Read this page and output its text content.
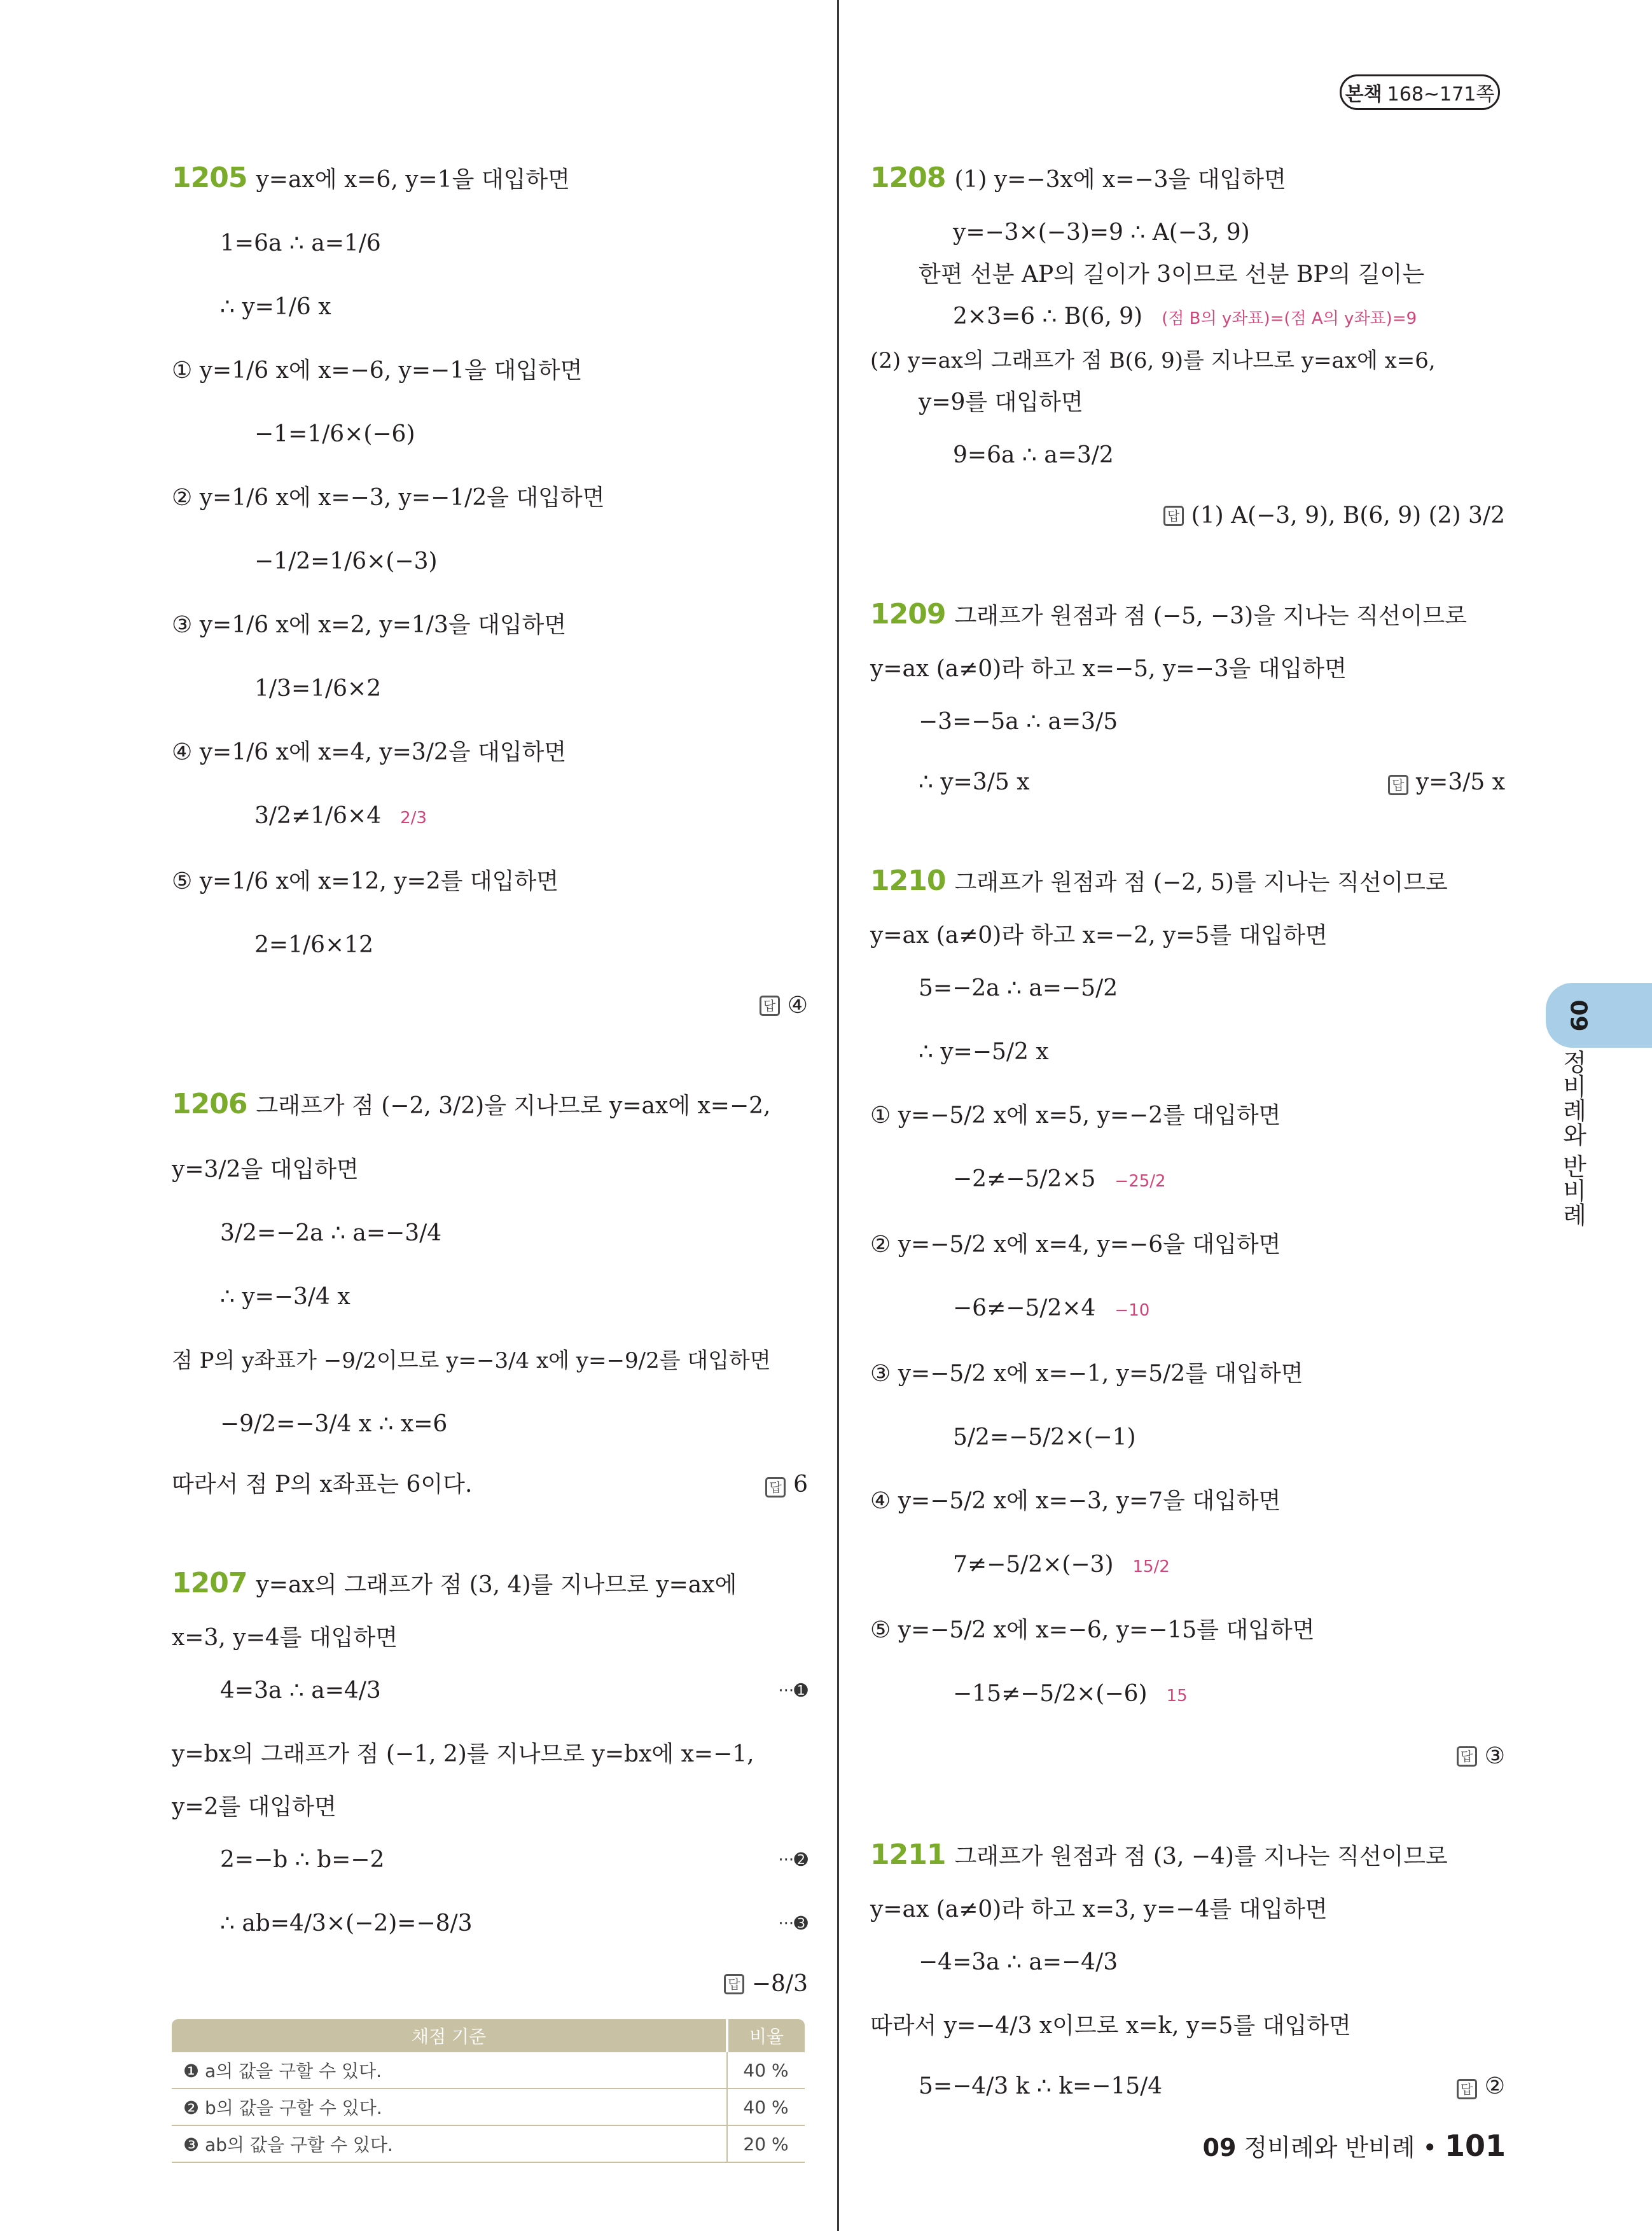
본책 168~171쪽
09
정비례와 반비례
1205 y=ax에 x=6, y=1을 대입하면
1=6a ∴ a=1/6
∴ y=1/6 x
① y=1/6 x에 x=−6, y=−1을 대입하면
−1=1/6×(−6)
② y=1/6 x에 x=−3, y=−1/2을 대입하면
−1/2=1/6×(−3)
③ y=1/6 x에 x=2, y=1/3을 대입하면
1/3=1/6×2
④ y=1/6 x에 x=4, y=3/2을 대입하면
3/2≠1/6×4 2/3
⑤ y=1/6 x에 x=12, y=2를 대입하면
2=1/6×12
답 ④
1206 그래프가 점 (−2, 3/2)을 지나므로 y=ax에 x=−2,
y=3/2을 대입하면
3/2=−2a ∴ a=−3/4
∴ y=−3/4 x
점 P의 y좌표가 −9/2이므로 y=−3/4 x에 y=−9/2를 대입하면
−9/2=−3/4 x ∴ x=6
따라서 점 P의 x좌표는 6이다.	답 6
1207 y=ax의 그래프가 점 (3, 4)를 지나므로 y=ax에
x=3, y=4를 대입하면
4=3a ∴ a=4/3	···➊
y=bx의 그래프가 점 (−1, 2)를 지나므로 y=bx에 x=−1,
y=2를 대입하면
2=−b ∴ b=−2	···➋
∴ ab=4/3×(−2)=−8/3	···➌
답 −8/3
채점 기준	비율
❶ a의 값을 구할 수 있다.	40 %
❷ b의 값을 구할 수 있다.	40 %
❸ ab의 값을 구할 수 있다.	20 %
1208 (1) y=−3x에 x=−3을 대입하면
y=−3×(−3)=9 ∴ A(−3, 9)
한편 선분 AP의 길이가 3이므로 선분 BP의 길이는
2×3=6 ∴ B(6, 9) (점 B의 y좌표)=(점 A의 y좌표)=9
(2) y=ax의 그래프가 점 B(6, 9)를 지나므로 y=ax에 x=6,
y=9를 대입하면
9=6a ∴ a=3/2
답 (1) A(−3, 9), B(6, 9) (2) 3/2
1209 그래프가 원점과 점 (−5, −3)을 지나는 직선이므로
y=ax (a≠0)라 하고 x=−5, y=−3을 대입하면
−3=−5a ∴ a=3/5
∴ y=3/5 x	답 y=3/5 x
1210 그래프가 원점과 점 (−2, 5)를 지나는 직선이므로
y=ax (a≠0)라 하고 x=−2, y=5를 대입하면
5=−2a ∴ a=−5/2
∴ y=−5/2 x
① y=−5/2 x에 x=5, y=−2를 대입하면
−2≠−5/2×5 −25/2
② y=−5/2 x에 x=4, y=−6을 대입하면
−6≠−5/2×4 −10
③ y=−5/2 x에 x=−1, y=5/2를 대입하면
5/2=−5/2×(−1)
④ y=−5/2 x에 x=−3, y=7을 대입하면
7≠−5/2×(−3) 15/2
⑤ y=−5/2 x에 x=−6, y=−15를 대입하면
−15≠−5/2×(−6) 15
답 ③
1211 그래프가 원점과 점 (3, −4)를 지나는 직선이므로
y=ax (a≠0)라 하고 x=3, y=−4를 대입하면
−4=3a ∴ a=−4/3
따라서 y=−4/3 x이므로 x=k, y=5를 대입하면
5=−4/3 k ∴ k=−15/4	답 ②
09 정비례와 반비례 • 101
